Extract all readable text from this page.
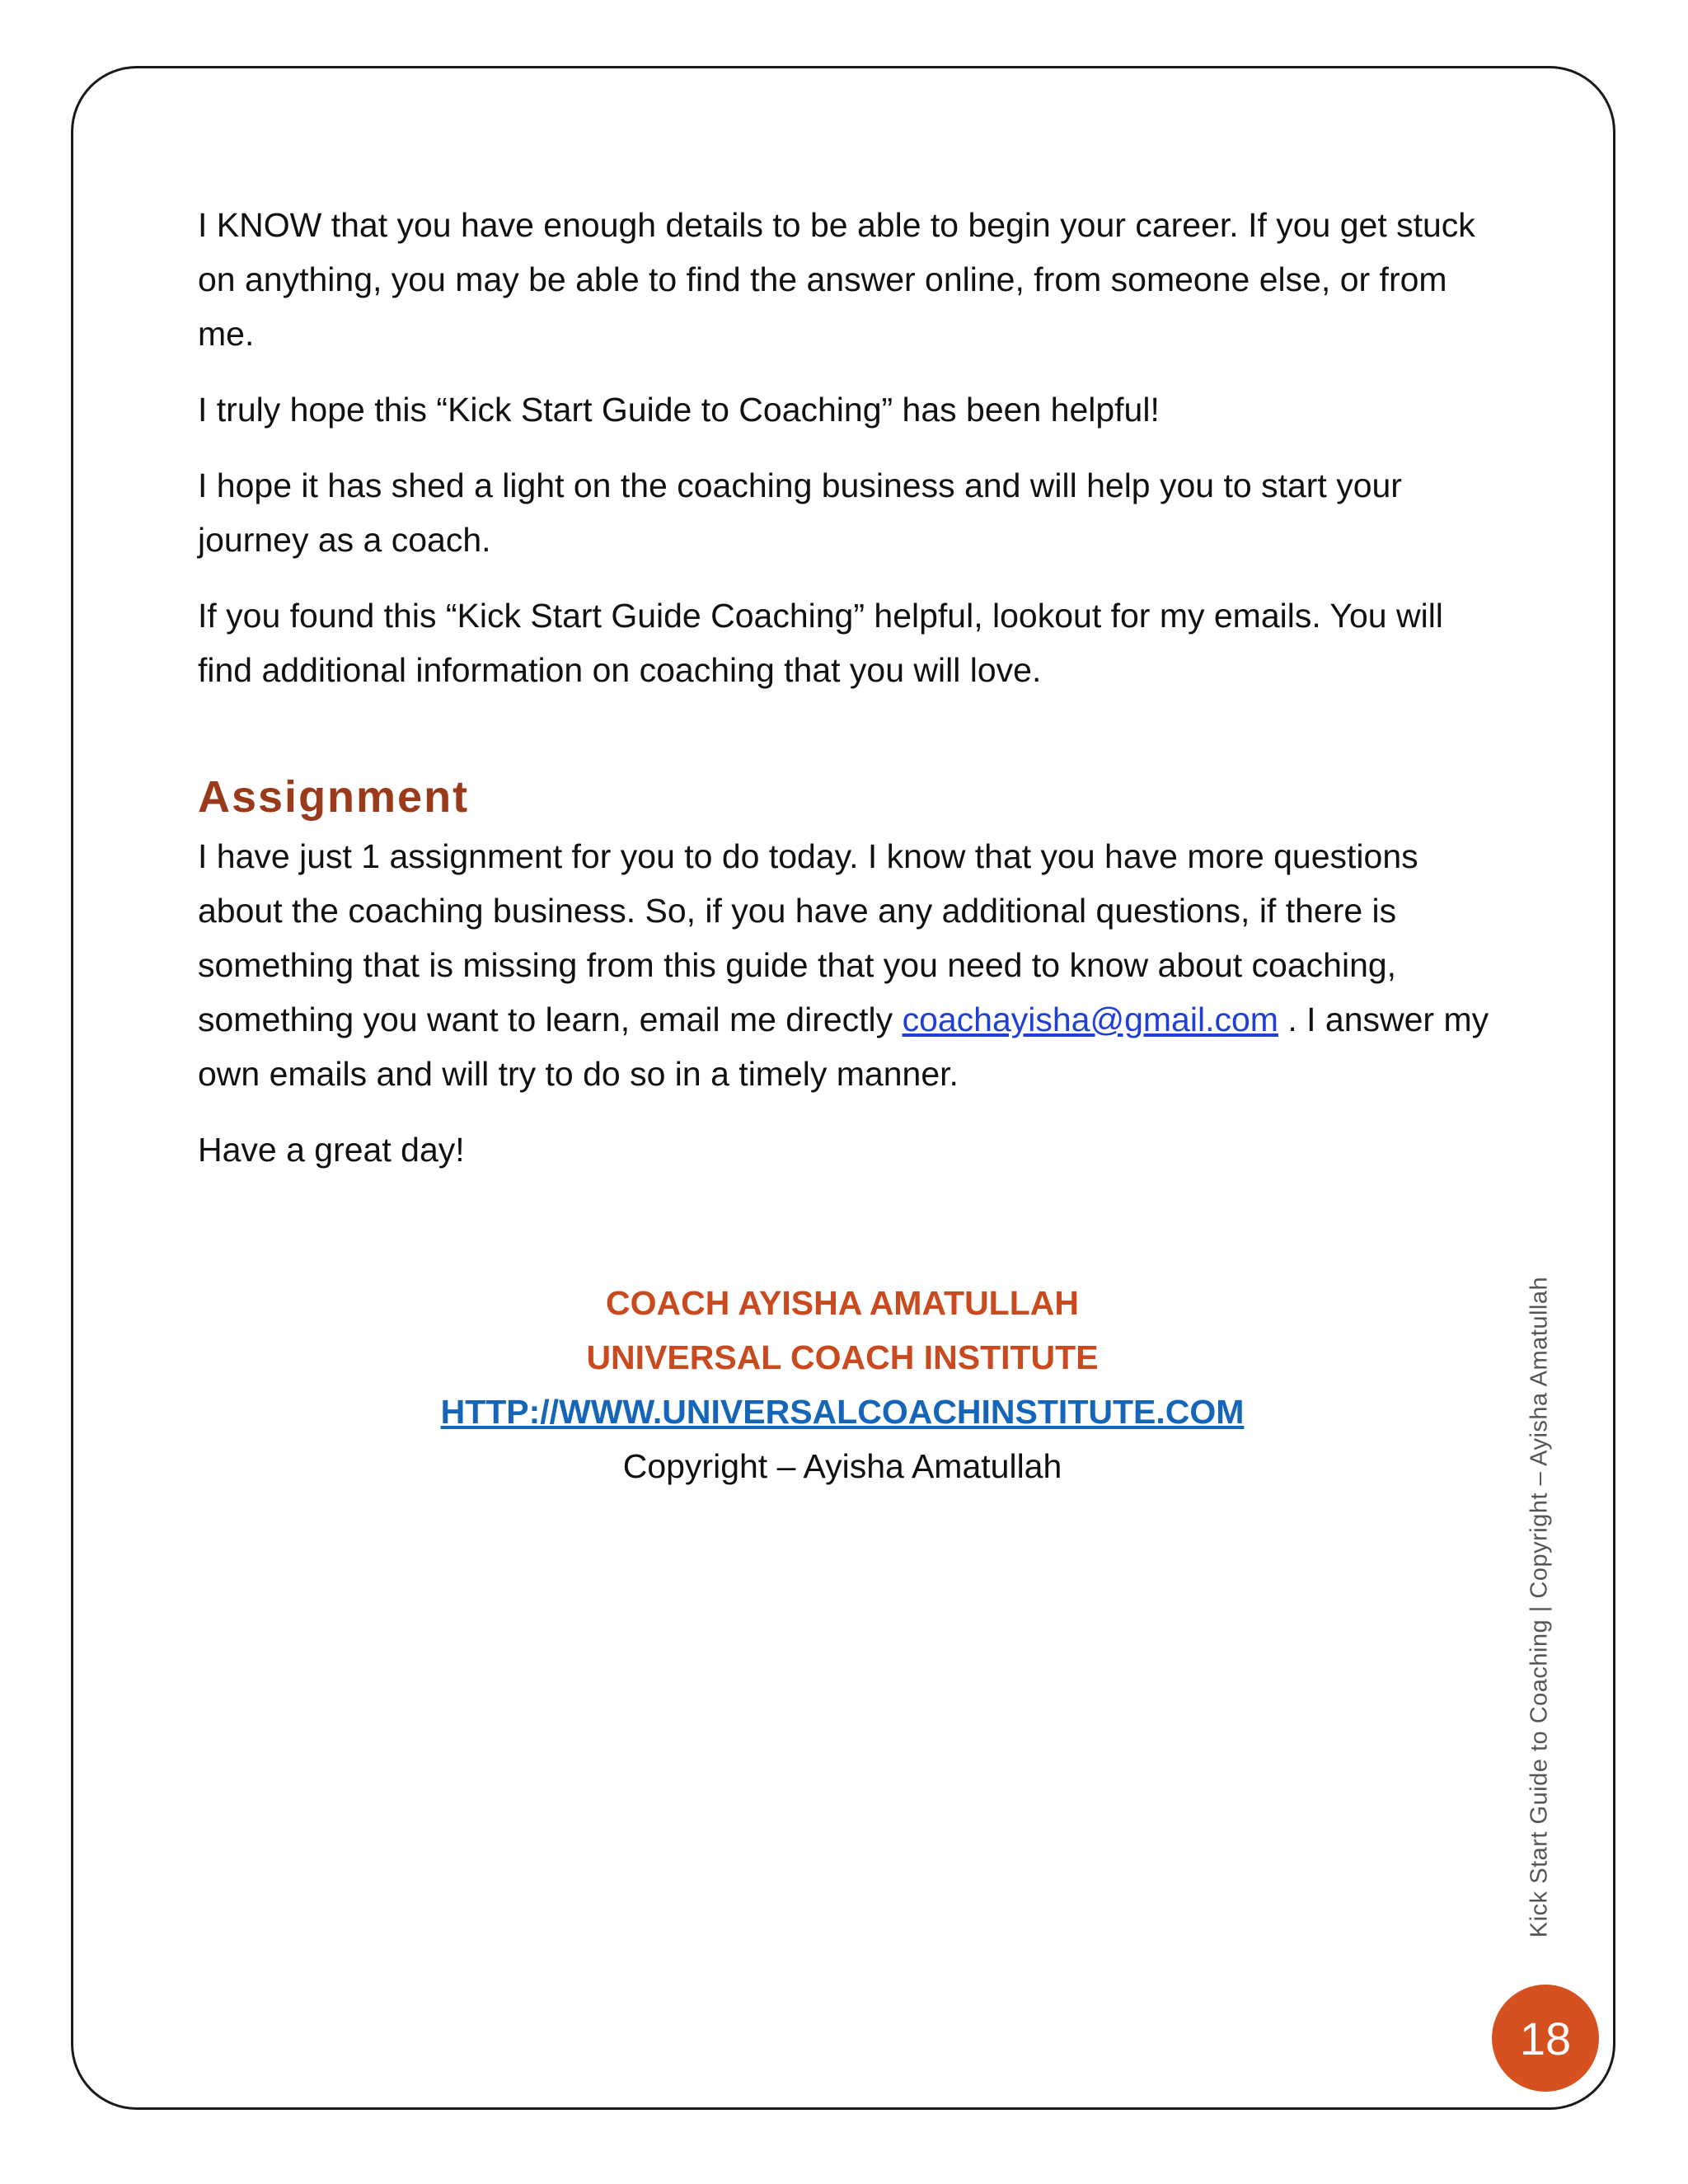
I KNOW that you have enough details to be able to begin your career. If you get stuck on anything, you may be able to find the answer online, from someone else, or from me.

I truly hope this “Kick Start Guide to Coaching” has been helpful!

I hope it has shed a light on the coaching business and will help you to start your journey as a coach.

If you found this “Kick Start Guide Coaching” helpful, lookout for my emails. You will find additional information on coaching that you will love.

Assignment

I have just 1 assignment for you to do today. I know that you have more questions about the coaching business. So, if you have any additional questions, if there is something that is missing from this guide that you need to know about coaching, something you want to learn, email me directly coachayisha@gmail.com . I answer my own emails and will try to do so in a timely manner.

Have a great day!

COACH AYISHA AMATULLAH
UNIVERSAL COACH INSTITUTE
HTTP://WWW.UNIVERSALCOACHINSTITUTE.COM
Copyright – Ayisha Amatullah	Kick Start Guide to Coaching | Copyright – Ayisha Amatullah
18
